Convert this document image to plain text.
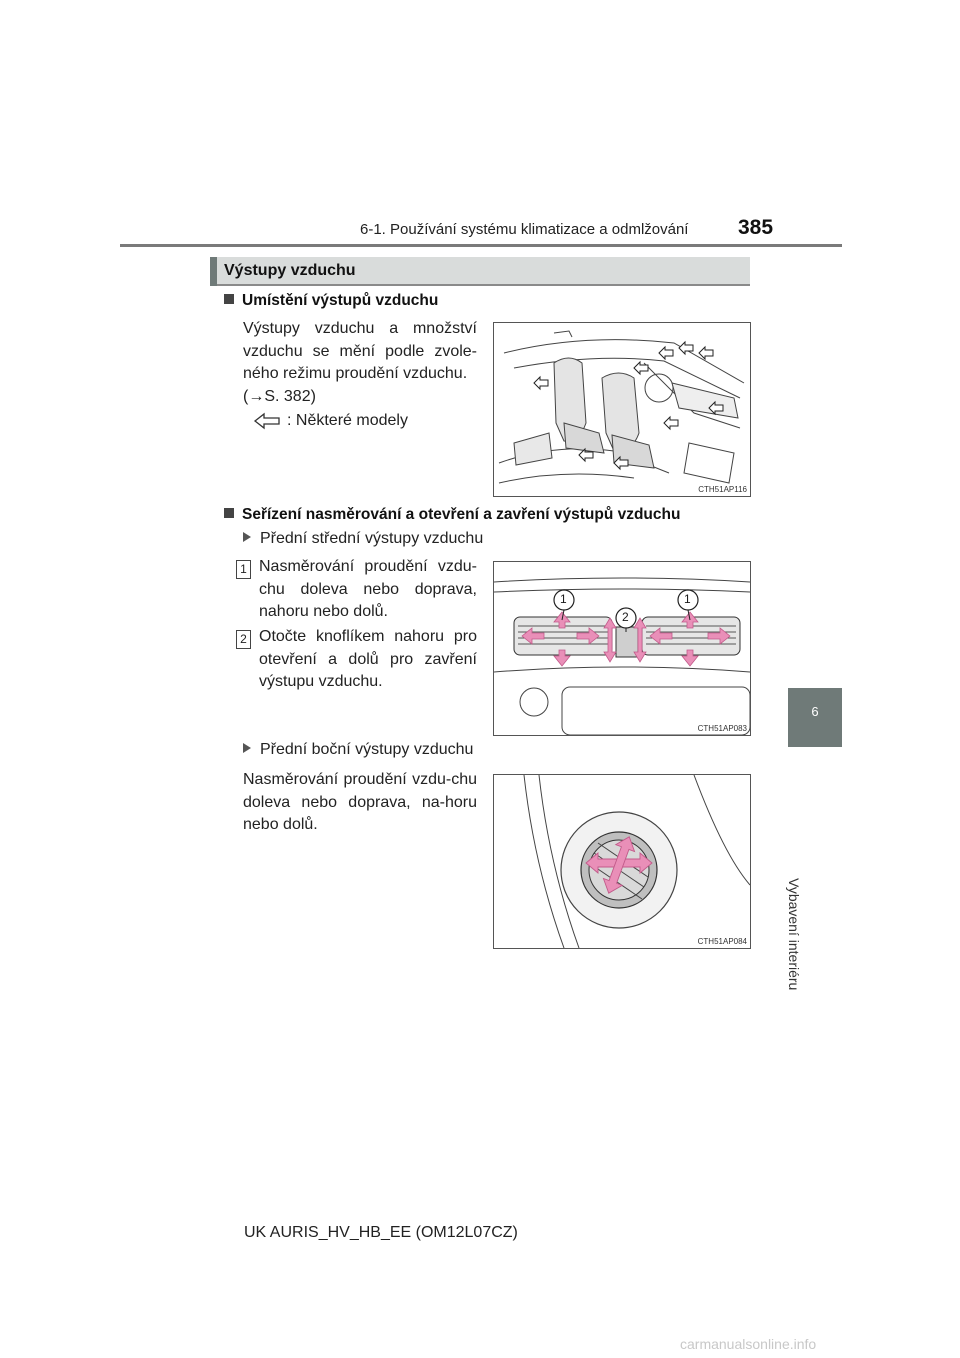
6-1. Používání systému klimatizace a odmlžování 385
6
Vybavení interiéru
Výstupy vzduchu
Umístění výstupů vzduchu
Výstupy vzduchu a množství vzduchu se mění podle zvole-ného režimu proudění vzduchu.
(→S. 382)
: Některé modely
CTH51AP116
Seřízení nasměrování a otevření a zavření výstupů vzduchu
Přední střední výstupy vzduchu
1 Nasměrování proudění vzdu-chu doleva nebo doprava, nahoru nebo dolů.
2 Otočte knoflíkem nahoru pro otevření a dolů pro zavření výstupu vzduchu.
1	1
2
CTH51AP083
Přední boční výstupy vzduchu
Nasměrování proudění vzdu-chu doleva nebo doprava, na-horu nebo dolů.
CTH51AP084
UK AURIS_HV_HB_EE (OM12L07CZ)
carmanualsonline.info
